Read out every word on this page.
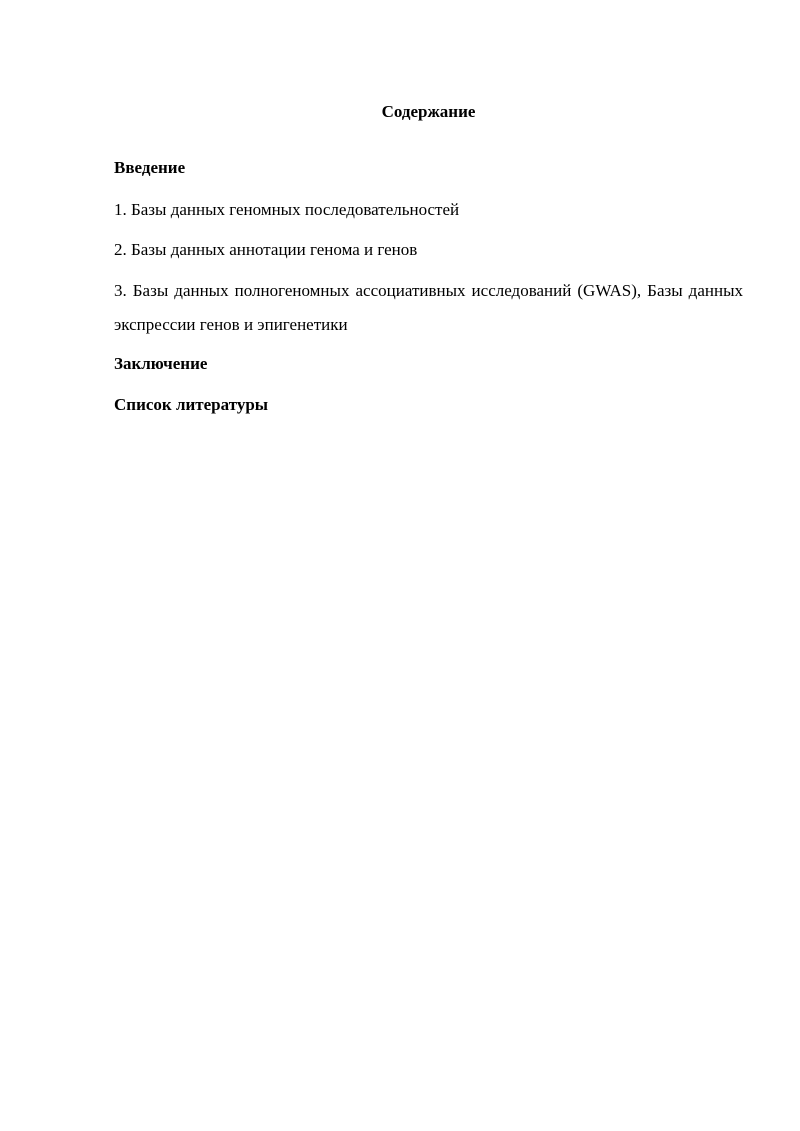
Содержание
Введение
1. Базы данных геномных последовательностей
2. Базы данных аннотации генома и генов
3. Базы данных полногеномных ассоциативных исследований (GWAS), Базы данных экспрессии генов и эпигенетики
Заключение
Список литературы
